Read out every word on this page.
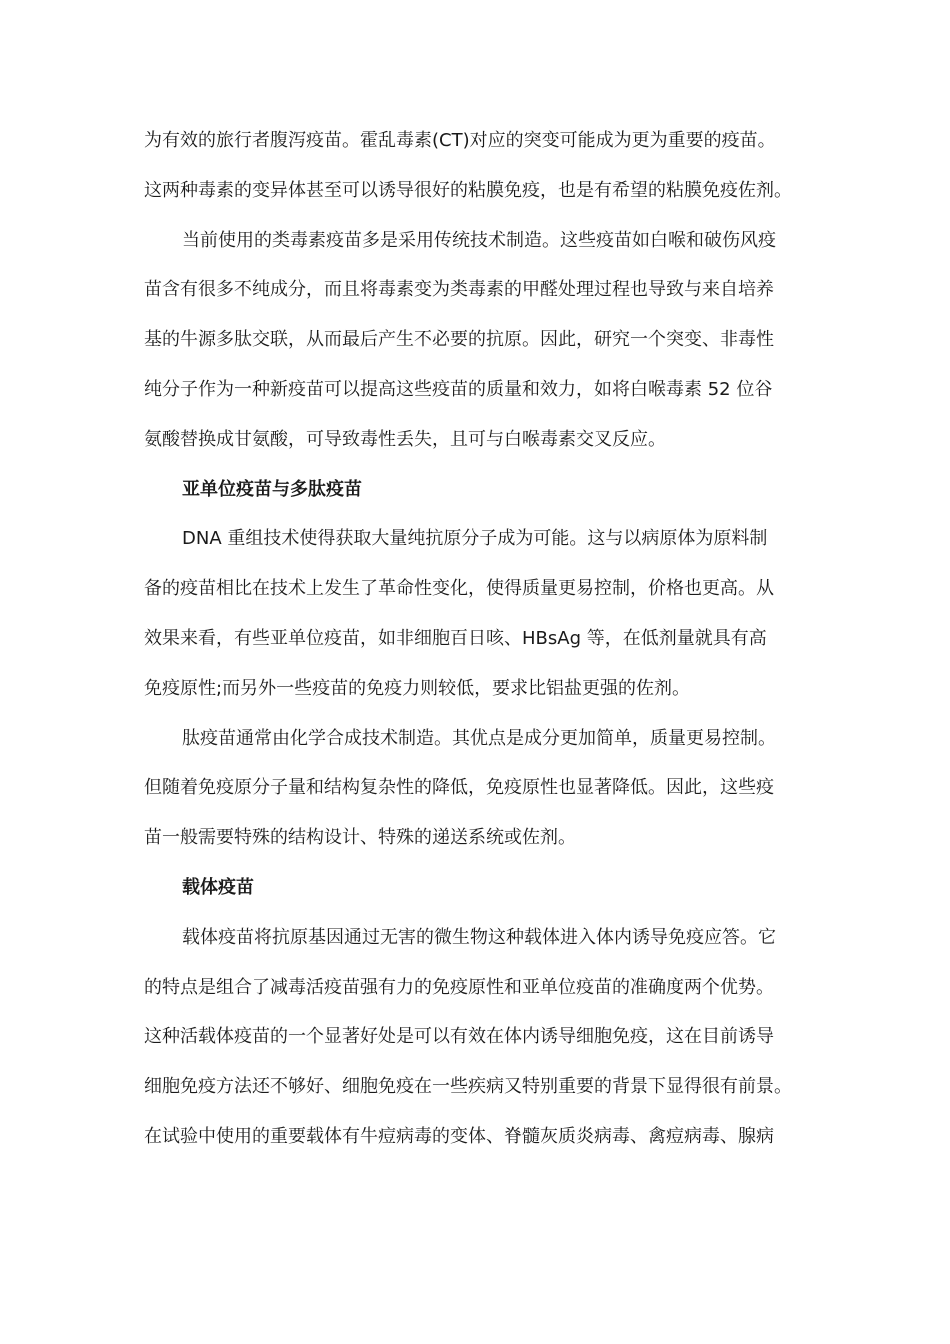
为有效的旅行者腹泻疫苗。霍乱毒素(CT)对应的突变可能成为更为重要的疫苗。
这两种毒素的变异体甚至可以诱导很好的粘膜免疫，也是有希望的粘膜免疫佐剂。
当前使用的类毒素疫苗多是采用传统技术制造。这些疫苗如白喉和破伤风疫
苗含有很多不纯成分，而且将毒素变为类毒素的甲醛处理过程也导致与来自培养
基的牛源多肽交联，从而最后产生不必要的抗原。因此，研究一个突变、非毒性
纯分子作为一种新疫苗可以提高这些疫苗的质量和效力，如将白喉毒素 52 位谷
氨酸替换成甘氨酸，可导致毒性丢失，且可与白喉毒素交叉反应。
亚单位疫苗与多肽疫苗
DNA 重组技术使得获取大量纯抗原分子成为可能。这与以病原体为原料制
备的疫苗相比在技术上发生了革命性变化，使得质量更易控制，价格也更高。从
效果来看，有些亚单位疫苗，如非细胞百日咳、HBsAg 等，在低剂量就具有高
免疫原性;而另外一些疫苗的免疫力则较低，要求比铝盐更强的佐剂。
肽疫苗通常由化学合成技术制造。其优点是成分更加简单，质量更易控制。
但随着免疫原分子量和结构复杂性的降低，免疫原性也显著降低。因此，这些疫
苗一般需要特殊的结构设计、特殊的递送系统或佐剂。
载体疫苗
载体疫苗将抗原基因通过无害的微生物这种载体进入体内诱导免疫应答。它
的特点是组合了减毒活疫苗强有力的免疫原性和亚单位疫苗的准确度两个优势。
这种活载体疫苗的一个显著好处是可以有效在体内诱导细胞免疫，这在目前诱导
细胞免疫方法还不够好、细胞免疫在一些疾病又特别重要的背景下显得很有前景。
在试验中使用的重要载体有牛痘病毒的变体、脊髓灰质炎病毒、禽痘病毒、腺病
